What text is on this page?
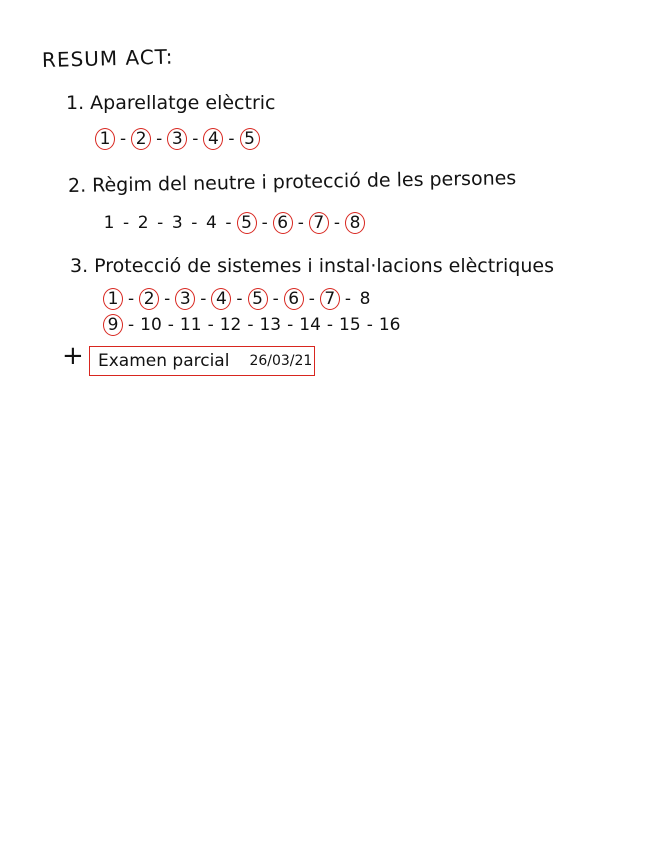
RESUM ACT:
1. Aparellatge elèctric
1 - 2 - 3 - 4 - 5
2. Règim del neutre i protecció de les persones
1 - 2 - 3 - 4 - 5 - 6 - 7 - 8
3. Protecció de sistemes i instal·lacions elèctriques
1 - 2 - 3 - 4 - 5 - 6 - 7 - 8
9 - 10 - 11 - 12 - 13 - 14 - 15 - 16
+ Examen parcial 26/03/21
